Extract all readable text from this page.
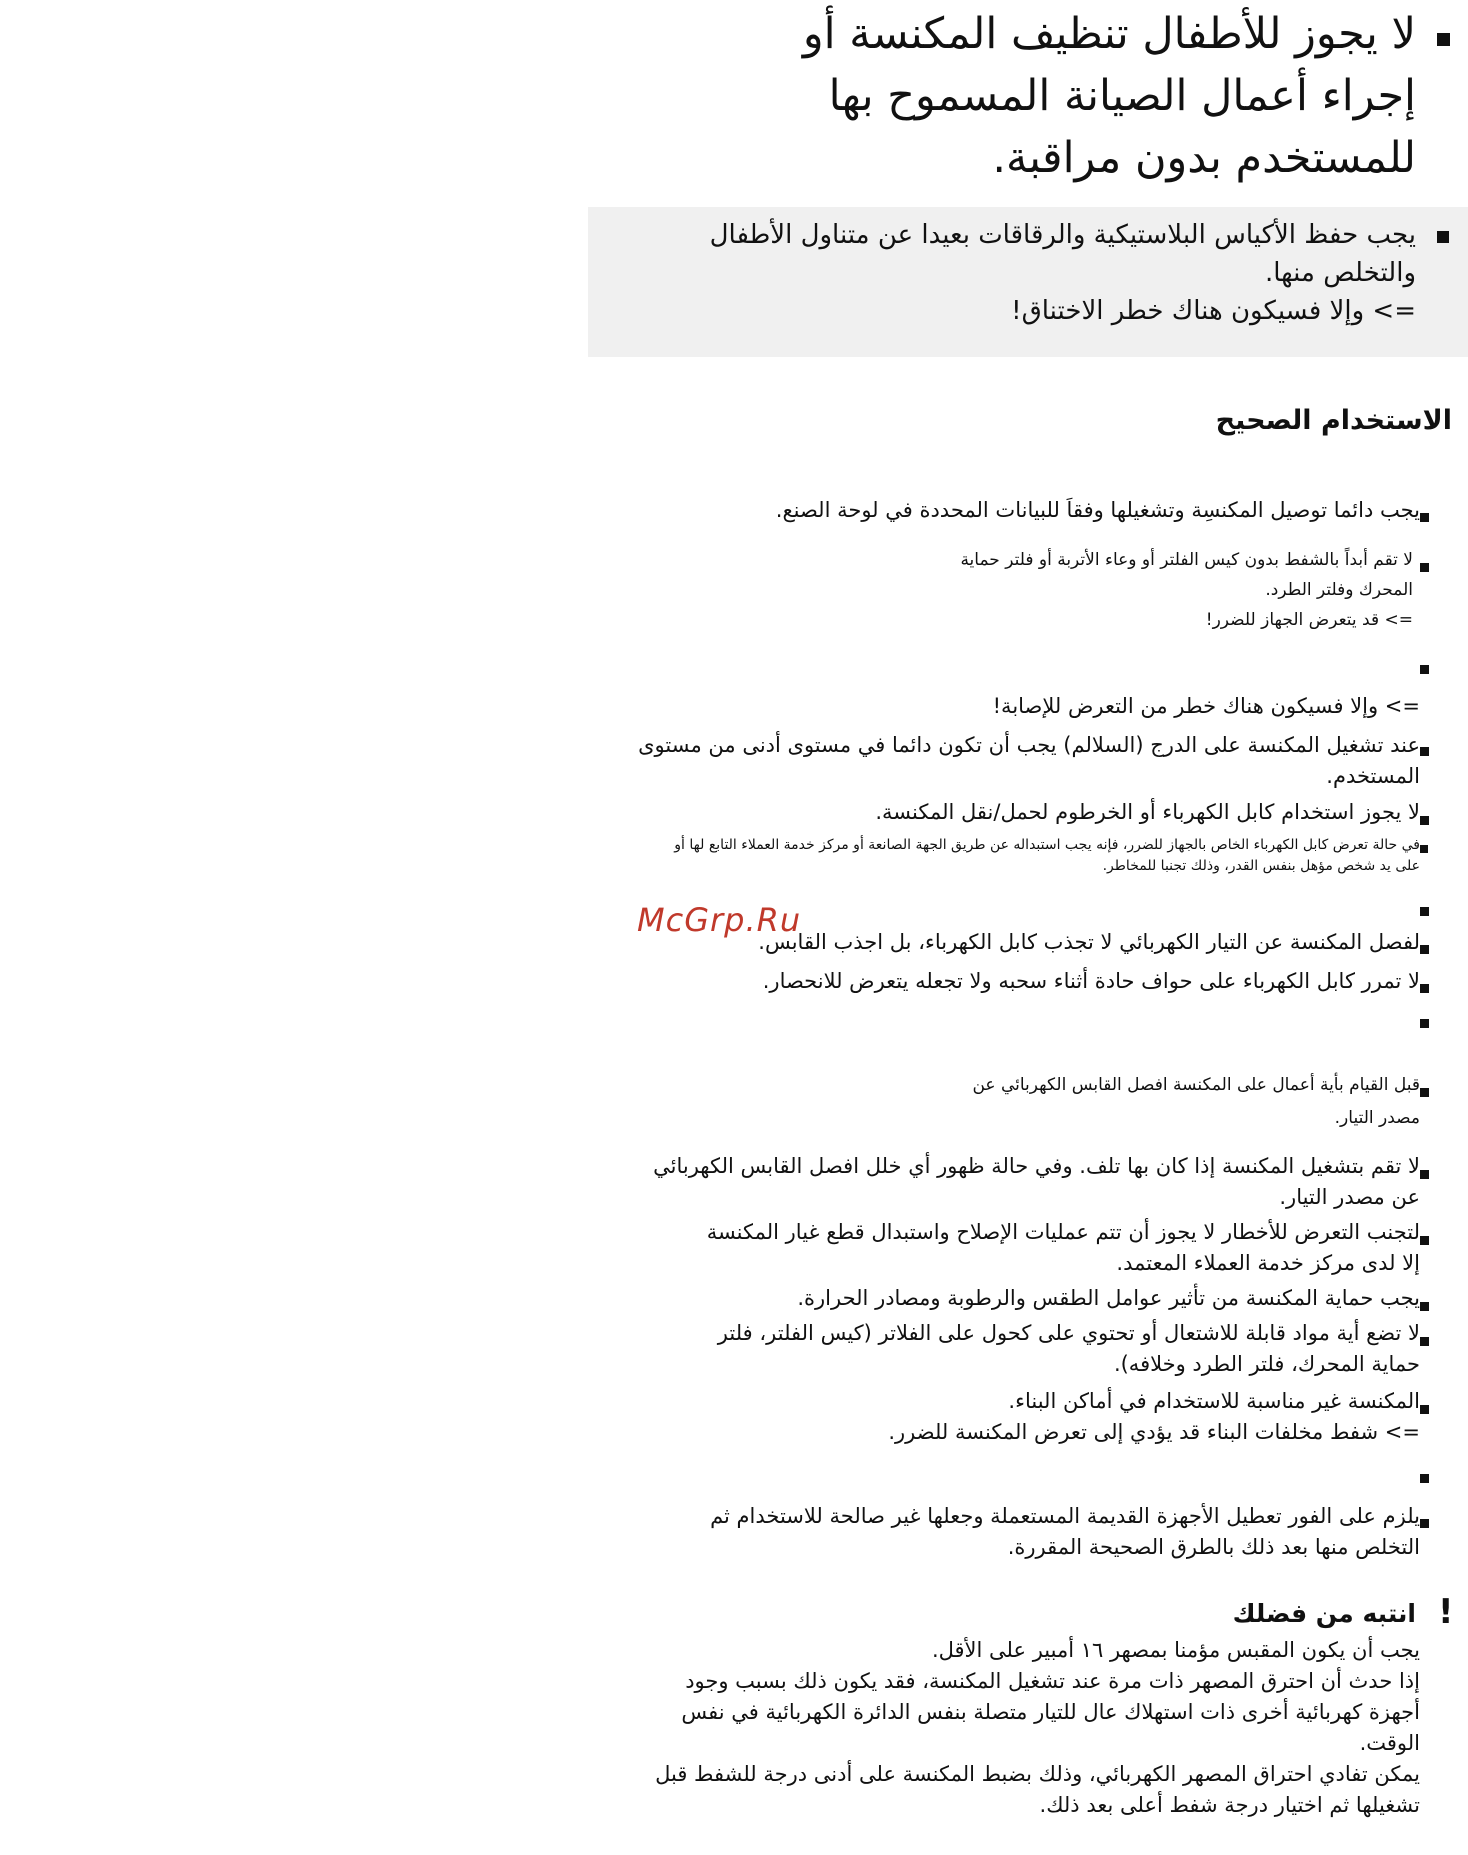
لا يجوز للأطفال تنظيف المكنسة أو
إجراء أعمال الصيانة المسموح بها
للمستخدم بدون مراقبة.
يجب حفظ الأكياس البلاستيكية والرقاقات بعيدا عن متناول الأطفال
والتخلص منها.
=> وإلا فسيكون هناك خطر الاختناق!
الاستخدام الصحيح
يجب دائما توصيل المكنسِة وتشغيلها وفقاَ للبيانات المحددة في لوحة الصنع.
لا تقم أبداً بالشفط بدون كيس الفلتر أو وعاء الأتربة أو فلتر حماية
المحرك وفلتر الطرد.
=> قد يتعرض الجهاز للضرر!
=> وإلا فسيكون هناك خطر من التعرض للإصابة!
عند تشغيل المكنسة على الدرج (السلالم) يجب أن تكون دائما في مستوى أدنى من مستوى
المستخدم.
لا يجوز استخدام كابل الكهرباء أو الخرطوم لحمل/نقل المكنسة.
في حالة تعرض كابل الكهرباء الخاص بالجهاز للضرر، فإنه يجب استبداله عن طريق الجهة الصانعة أو مركز خدمة العملاء التابع لها أو
على يد شخص مؤهل بنفس القدر، وذلك تجنبا للمخاطر.
لفصل المكنسة عن التيار الكهربائي لا تجذب كابل الكهرباء، بل اجذب القابس.
لا تمرر كابل الكهرباء على حواف حادة أثناء سحبه ولا تجعله يتعرض للانحصار.
قبل القيام بأية أعمال على المكنسة افصل القابس الكهربائي عن
مصدر التيار.
لا تقم بتشغيل المكنسة إذا كان بها تلف. وفي حالة ظهور أي خلل افصل القابس الكهربائي
عن مصدر التيار.
لتجنب التعرض للأخطار لا يجوز أن تتم عمليات الإصلاح واستبدال قطع غيار المكنسة
إلا لدى مركز خدمة العملاء المعتمد.
يجب حماية المكنسة من تأثير عوامل الطقس والرطوبة ومصادر الحرارة.
لا تضع أية مواد قابلة للاشتعال أو تحتوي على كحول على الفلاتر (كيس الفلتر، فلتر
حماية المحرك، فلتر الطرد وخلافه).
المكنسة غير مناسبة للاستخدام في أماكن البناء.
=> شفط مخلفات البناء قد يؤدي إلى تعرض المكنسة للضرر.
يلزم على الفور تعطيل الأجهزة القديمة المستعملة وجعلها غير صالحة للاستخدام ثم
التخلص منها بعد ذلك بالطرق الصحيحة المقررة.
!
انتبه من فضلك
يجب أن يكون المقبس مؤمنا بمصهر ١٦ أمبير على الأقل.
إذا حدث أن احترق المصهر ذات مرة عند تشغيل المكنسة، فقد يكون ذلك بسبب وجود
أجهزة كهربائية أخرى ذات استهلاك عال للتيار متصلة بنفس الدائرة الكهربائية في نفس
الوقت.
يمكن تفادي احتراق المصهر الكهربائي، وذلك بضبط المكنسة على أدنى درجة للشفط قبل
تشغيلها ثم اختيار درجة شفط أعلى بعد ذلك.
McGrp.Ru
